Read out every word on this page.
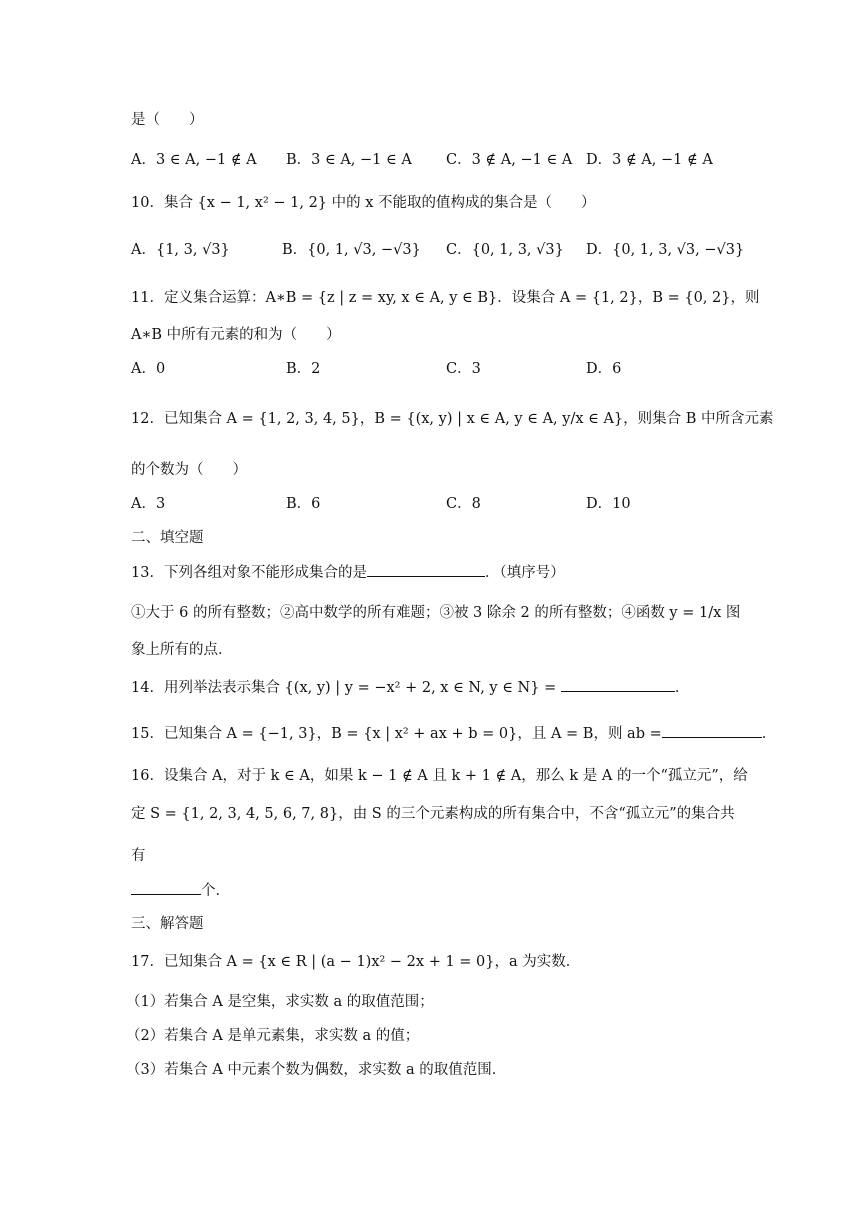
是（　　）
A．3 ∈ A, −1 ∉ A B．3 ∈ A, −1 ∈ A C．3 ∉ A, −1 ∈ A D．3 ∉ A, −1 ∉ A
10．集合 {x − 1, x² − 1, 2} 中的 x 不能取的值构成的集合是（　　）
A．{1, 3, √3}	B．{0, 1, √3, −√3} C．{0, 1, 3, √3} D．{0, 1, 3, √3, −√3}
11．定义集合运算：A∗B = {z | z = xy, x ∈ A, y ∈ B}．设集合 A = {1, 2}，B = {0, 2}，则
A∗B 中所有元素的和为（　　）
A．0	B．2	C．3	D．6
12．已知集合 A = {1, 2, 3, 4, 5}，B = {(x, y) | x ∈ A, y ∈ A, y/x ∈ A}，则集合 B 中所含元素
的个数为（　　）
A．3	B．6	C．8	D．10
二、填空题
13．下列各组对象不能形成集合的是	．（填序号）
①大于 6 的所有整数；②高中数学的所有难题；③被 3 除余 2 的所有整数；④函数 y = 1/x 图
象上所有的点．
14．用列举法表示集合 {(x, y) | y = −x² + 2, x ∈ N, y ∈ N} =	．
15．已知集合 A = {−1, 3}，B = {x | x² + ax + b = 0}，且 A = B，则 ab =	．
16．设集合 A，对于 k ∈ A，如果 k − 1 ∉ A 且 k + 1 ∉ A，那么 k 是 A 的一个“孤立元”，给
定 S = {1, 2, 3, 4, 5, 6, 7, 8}，由 S 的三个元素构成的所有集合中，不含“孤立元”的集合共
有
个．
三、解答题
17．已知集合 A = {x ∈ R | (a − 1)x² − 2x + 1 = 0}，a 为实数．
（1）若集合 A 是空集，求实数 a 的取值范围；
（2）若集合 A 是单元素集，求实数 a 的值；
（3）若集合 A 中元素个数为偶数，求实数 a 的取值范围．
